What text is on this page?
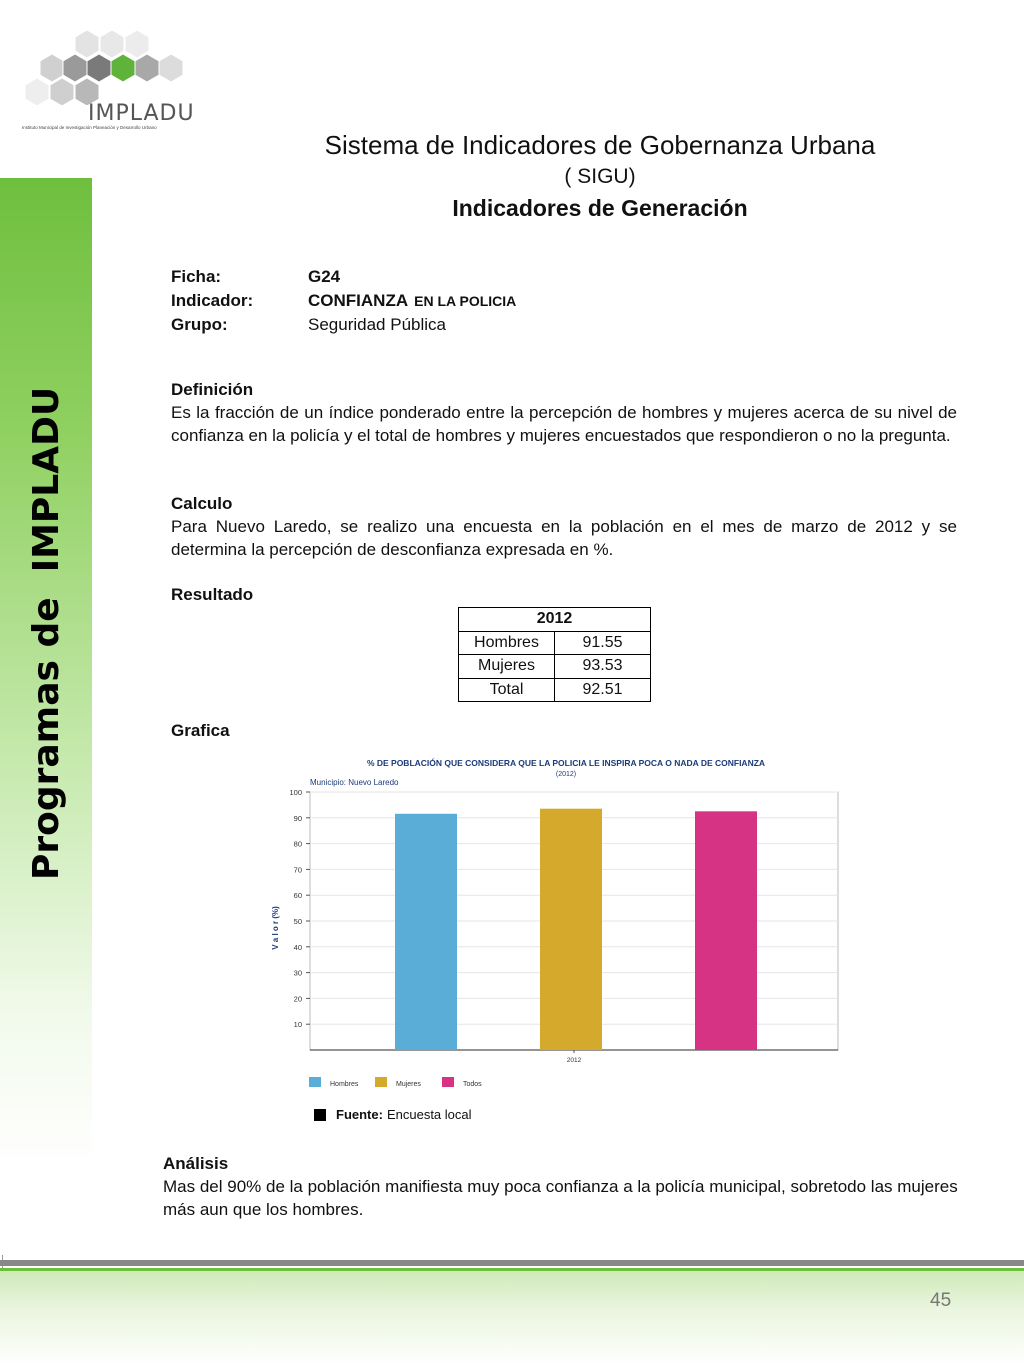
Programas de  IMPLADU
IMPLADU
Instituto Municipal de Investigación Planeación y Desarrollo Urbano
Sistema de Indicadores de Gobernanza Urbana
( SIGU)
Indicadores de Generación
Ficha:	G24
Indicador:	CONFIANZA EN LA POLICIA
Grupo:	Seguridad Pública
Definición

Es la fracción de un índice ponderado entre la percepción de hombres y mujeres acerca de su nivel de confianza en la policía y el total de hombres y mujeres encuestados que respondieron o no la pregunta.

Calculo

Para Nuevo Laredo, se realizo una encuesta en la población en el mes de marzo de 2012 y se determina la percepción de desconfianza expresada en %.

Resultado
2012	
Hombres	91.55
Mujeres	93.53
Total	92.51
Grafica
% DE POBLACIÓN QUE CONSIDERA QUE LA POLICIA LE INSPIRA POCA O NADA DE CONFIANZA
(2012)
Municipio: Nuevo Laredo
V a l o r (%)
10
20
30
40
50
60
70
80
90
100
2012
Hombres	Mujeres	Todos
Fuente: Encuesta local
Análisis

Mas del 90% de la población manifiesta muy poca confianza a la policía municipal, sobretodo las mujeres más aun que los hombres.

45
